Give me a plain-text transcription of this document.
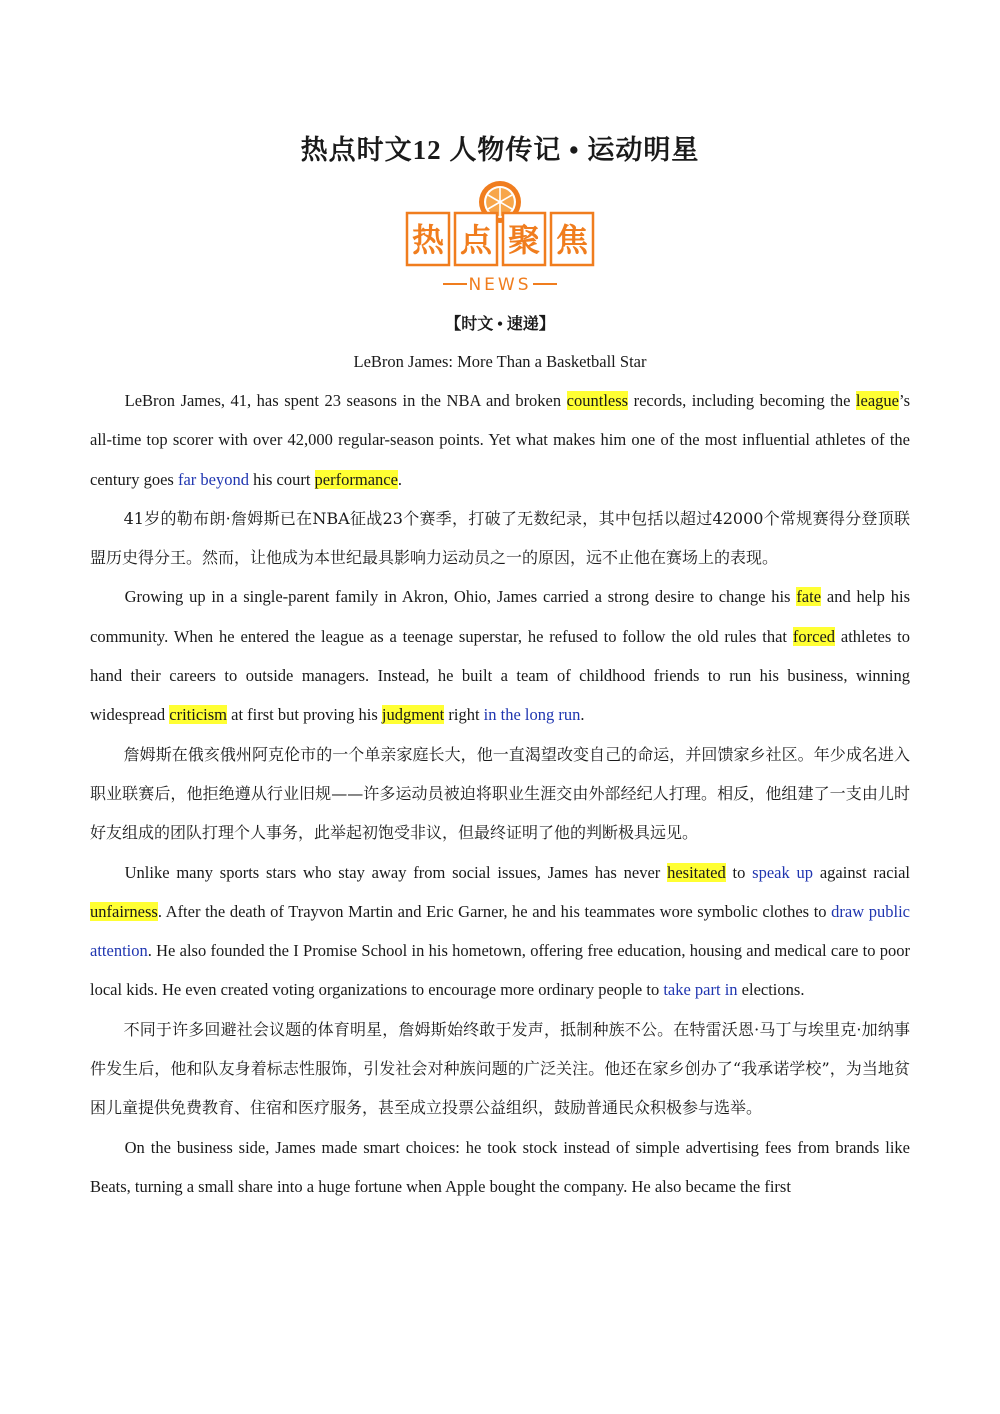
热点时文12 人物传记 • 运动明星
热 点 聚 焦
NEWS
【时文 • 速递】
LeBron James: More Than a Basketball Star

LeBron James, 41, has spent 23 seasons in the NBA and broken countless records, including becoming the league’s all-time top scorer with over 42,000 regular-season points. Yet what makes him one of the most influential athletes of the century goes far beyond his court performance.

41岁的勒布朗·詹姆斯已在NBA征战23个赛季，打破了无数纪录，其中包括以超过42000个常规赛得分登顶联盟历史得分王。然而，让他成为本世纪最具影响力运动员之一的原因，远不止他在赛场上的表现。

Growing up in a single-parent family in Akron, Ohio, James carried a strong desire to change his fate and help his community. When he entered the league as a teenage superstar, he refused to follow the old rules that forced athletes to hand their careers to outside managers. Instead, he built a team of childhood friends to run his business, winning widespread criticism at first but proving his judgment right in the long run.

詹姆斯在俄亥俄州阿克伦市的一个单亲家庭长大，他一直渴望改变自己的命运，并回馈家乡社区。年少成名进入职业联赛后，他拒绝遵从行业旧规——许多运动员被迫将职业生涯交由外部经纪人打理。相反，他组建了一支由儿时好友组成的团队打理个人事务，此举起初饱受非议，但最终证明了他的判断极具远见。

Unlike many sports stars who stay away from social issues, James has never hesitated to speak up against racial unfairness. After the death of Trayvon Martin and Eric Garner, he and his teammates wore symbolic clothes to draw public attention. He also founded the I Promise School in his hometown, offering free education, housing and medical care to poor local kids. He even created voting organizations to encourage more ordinary people to take part in elections.

不同于许多回避社会议题的体育明星，詹姆斯始终敢于发声，抵制种族不公。在特雷沃恩·马丁与埃里克·加纳事件发生后，他和队友身着标志性服饰，引发社会对种族问题的广泛关注。他还在家乡创办了“我承诺学校”，为当地贫困儿童提供免费教育、住宿和医疗服务，甚至成立投票公益组织，鼓励普通民众积极参与选举。

On the business side, James made smart choices: he took stock instead of simple advertising fees from brands like Beats, turning a small share into a huge fortune when Apple bought the company. He also became the first
